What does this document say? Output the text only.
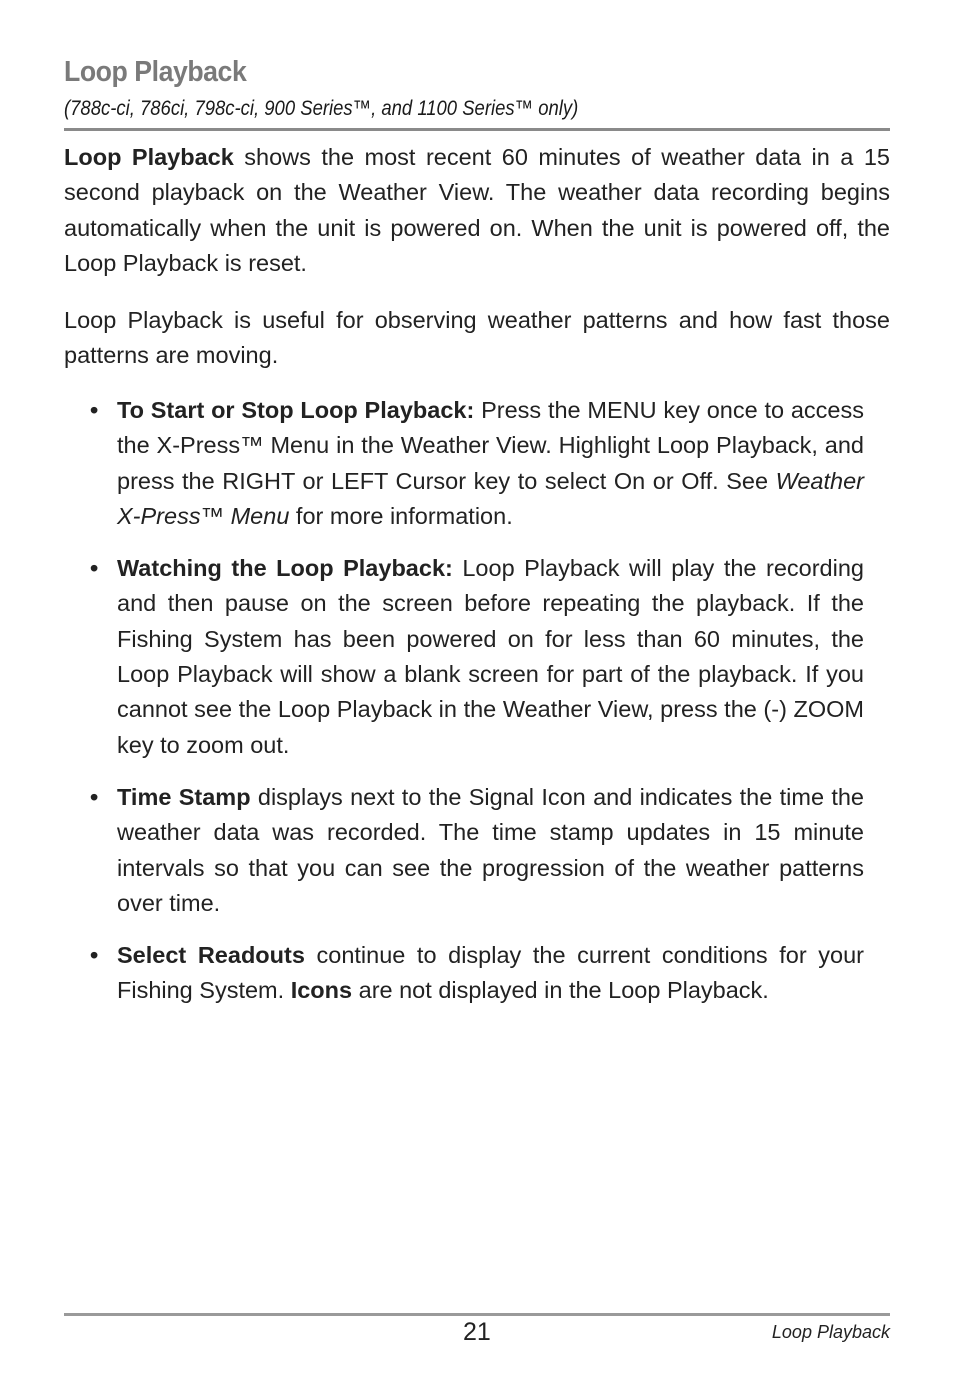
Loop Playback
(788c-ci, 786ci, 798c-ci, 900 Series™, and 1100 Series™ only)

Loop Playback shows the most recent 60 minutes of weather data in a 15 second playback on the Weather View. The weather data recording begins automatically when the unit is powered on. When the unit is powered off, the Loop Playback is reset.

Loop Playback is useful for observing weather patterns and how fast those patterns are moving.

• To Start or Stop Loop Playback: Press the MENU key once to access the X-Press™ Menu in the Weather View. Highlight Loop Playback, and press the RIGHT or LEFT Cursor key to select On or Off. See Weather X-Press™ Menu for more information.
• Watching the Loop Playback: Loop Playback will play the recording and then pause on the screen before repeating the playback. If the Fishing System has been powered on for less than 60 minutes, the Loop Playback will show a blank screen for part of the playback. If you cannot see the Loop Playback in the Weather View, press the (-) ZOOM key to zoom out.
• Time Stamp displays next to the Signal Icon and indicates the time the weather data was recorded. The time stamp updates in 15 minute intervals so that you can see the progression of the weather patterns over time.
• Select Readouts continue to display the current conditions for your Fishing System. Icons are not displayed in the Loop Playback.
21	Loop Playback
